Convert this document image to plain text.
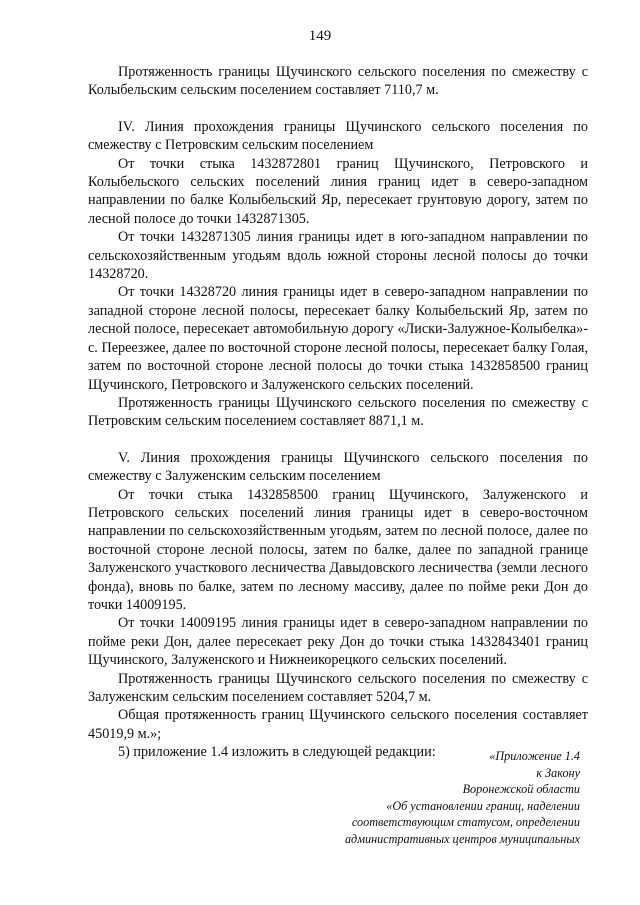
149

Протяженность границы Щучинского сельского поселения по смежеству с Колыбельским сельским поселением составляет 7110,7 м.

IV. Линия прохождения границы Щучинского сельского поселения по смежеству с Петровским сельским поселением

От точки стыка 1432872801 границ Щучинского, Петровского и Колыбельского сельских поселений линия границ идет в северо-западном направлении по балке Колыбельский Яр, пересекает грунтовую дорогу, затем по лесной полосе до точки 1432871305.

От точки 1432871305 линия границы идет в юго-западном направлении по сельскохозяйственным угодьям вдоль южной стороны лесной полосы до точки 14328720.

От точки 14328720 линия границы идет в северо-западном направлении по западной стороне лесной полосы, пересекает балку Колыбельский Яр, затем по лесной полосе, пересекает автомобильную дорогу «Лиски-Залужное-Колыбелка»-с. Переезжее, далее по восточной стороне лесной полосы, пересекает балку Голая, затем по восточной стороне лесной полосы до точки стыка 1432858500 границ Щучинского, Петровского и Залуженского сельских поселений.

Протяженность границы Щучинского сельского поселения по смежеству с Петровским сельским поселением составляет 8871,1 м.

V. Линия прохождения границы Щучинского сельского поселения по смежеству с Залуженским сельским поселением

От точки стыка 1432858500 границ Щучинского, Залуженского и Петровского сельских поселений линия границы идет в северо-восточном направлении по сельскохозяйственным угодьям, затем по лесной полосе, далее по восточной стороне лесной полосы, затем по балке, далее по западной границе Залуженского участкового лесничества Давыдовского лесничества (земли лесного фонда), вновь по балке, затем по лесному массиву, далее по пойме реки Дон до точки 14009195.

От точки 14009195 линия границы идет в северо-западном направлении по пойме реки Дон, далее пересекает реку Дон до точки стыка 1432843401 границ Щучинского, Залуженского и Нижнеикорецкого сельских поселений.

Протяженность границы Щучинского сельского поселения по смежеству с Залуженским сельским поселением составляет 5204,7 м.

Общая протяженность границ Щучинского сельского поселения составляет 45019,9 м.»;

5) приложение 1.4 изложить в следующей редакции:	«Приложение 1.4
к Закону
Воронежской области
«Об установлении границ, наделении
соответствующим статусом, определении
административных центров муниципальных
